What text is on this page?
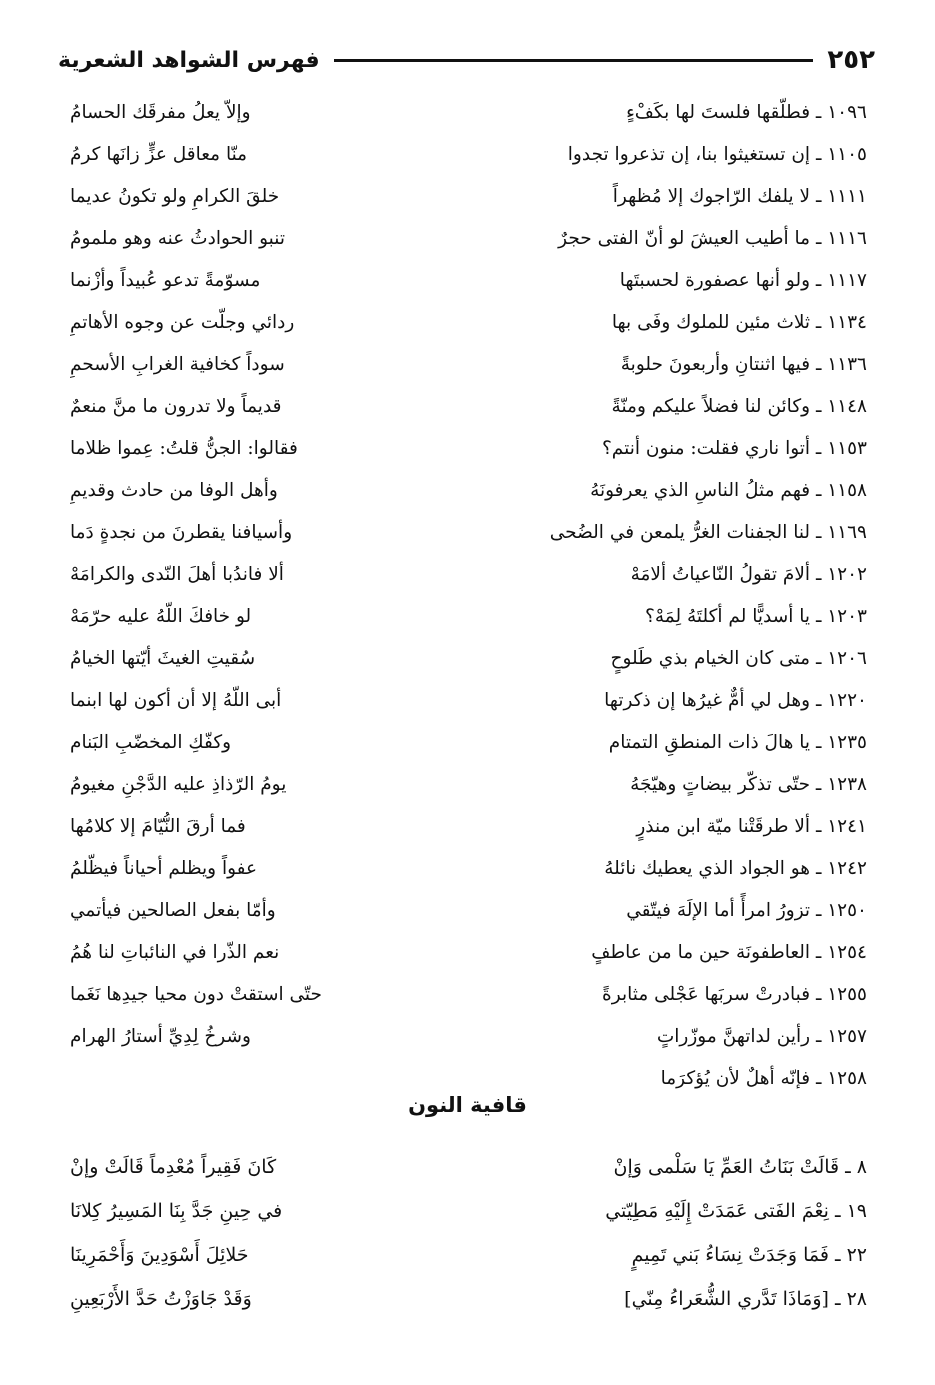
٢٥٢
فهرس الشواهد الشعرية
١٠٩٦ ـ فطلّقها فلستَ لها بكَفْءٍ
١١٠٥ ـ إن تستغيثوا بنا، إن تذعروا تجدوا
١١١١ ـ لا يلفك الرّاجوك إلا مُظهراً
١١١٦ ـ ما أطيب العيشَ لو أنّ الفتى حجرٌ
١١١٧ ـ ولو أنها عصفورة لحسبتَها
١١٣٤ ـ ثلاث مئين للملوك وفَى بها
١١٣٦ ـ فيها اثنتانِ وأربعونَ حلوبةً
١١٤٨ ـ وكائن لنا فضلاً عليكم ومنّةً
١١٥٣ ـ أتوا ناري فقلت: منون أنتم؟
١١٥٨ ـ فهم مثلُ الناسِ الذي يعرفونَهُ
١١٦٩ ـ لنا الجفنات الغرُّ يلمعن في الضُحى
١٢٠٢ ـ ألامَ تقولُ النّاعياتُ ألامَهْ
١٢٠٣ ـ يا أسديًّا لم أكلتَهُ لِمَهْ؟
١٢٠٦ ـ متى كان الخيام بذي طَلوحٍ
١٢٢٠ ـ وهل لي أمٌّ غيرُها إن ذكرتها
١٢٣٥ ـ يا هالَ ذات المنطقِ التمتام
١٢٣٨ ـ حتّى تذكّر بيضاتٍ وهيّجَهُ
١٢٤١ ـ ألا طرقَتْنا ميّة ابن منذرٍ
١٢٤٢ ـ هو الجواد الذي يعطيك نائلهُ
١٢٥٠ ـ تزورُ امرأً أما الإلَهَ فيتّقي
١٢٥٤ ـ العاطفونَة حين ما من عاطفٍ
١٢٥٥ ـ فبادرتْ سربَها عَجْلى مثابرةً
١٢٥٧ ـ رأين لداتهنَّ موزّراتٍ
١٢٥٨ ـ فإنّه أهلٌ لأن يُؤكرَما
وإلاّ يعلُ مفرقَك الحسامُ
منّا معاقل عزٍّ زانَها كرمُ
خلقَ الكرامِ ولو تكونُ عديما
تنبو الحوادثُ عنه وهو ملمومُ
مسوّمةً تدعو عُبيداً وأزْنما
ردائي وجلّت عن وجوه الأهاتمِ
سوداً كخافية الغرابِ الأسحمِ
قديماً ولا تدرون ما منَّ منعمٌ
فقالوا: الجنُّ قلتُ: عِموا ظلاما
وأهل الوفا من حادث وقديمِ
وأسيافنا يقطرنَ من نجدةٍ دَما
ألا فاندُبا أهلَ النّدى والكرامَهْ
لو خافكَ اللّهُ عليه حرّمَهْ
سُقيتِ الغيثَ أيّتها الخيامُ
أبى اللّهُ إلا أن أكون لها ابنما
وكفّكِ المخضّبِ البَنام
يومُ الرّذاذِ عليه الدَّجْنِ مغيومُ
فما أرقَ النُّيّامَ إلا كلامُها
عفواً ويظلم أحياناً فيظّلمُ
وأمّا بفعل الصالحين فيأتمي
نعم الذّرا في النائباتِ لنا هُمُ
حتّى استقتْ دون محيا جيدِها نَغَما
وشرخُ لِدِيِّ أستارُ الهرام
قافية النون
٨ ـ قَالَتْ بَنَاتُ العَمِّ يَا سَلْمى وَإنْ
١٩ ـ نِعْمَ الفَتى عَمَدَتْ إِلَيْهِ مَطِيّتي
٢٢ ـ فَمَا وَجَدَتْ نِسَاءُ بَني تَمِيمٍ
٢٨ ـ [وَمَاذَا تَدَّري الشُّعَراءُ مِنّي]
كَانَ فَقِيراً مُعْدِماً قَالَتْ وإنْ
في حِينِ جَدَّ بِنَا المَسِيرُ كِلانَا
حَلائِلَ أَسْوَدِينَ وَأَحْمَرِينَا
وَقَدْ جَاوَزْتُ حَدَّ الأَرْبَعِينِ
